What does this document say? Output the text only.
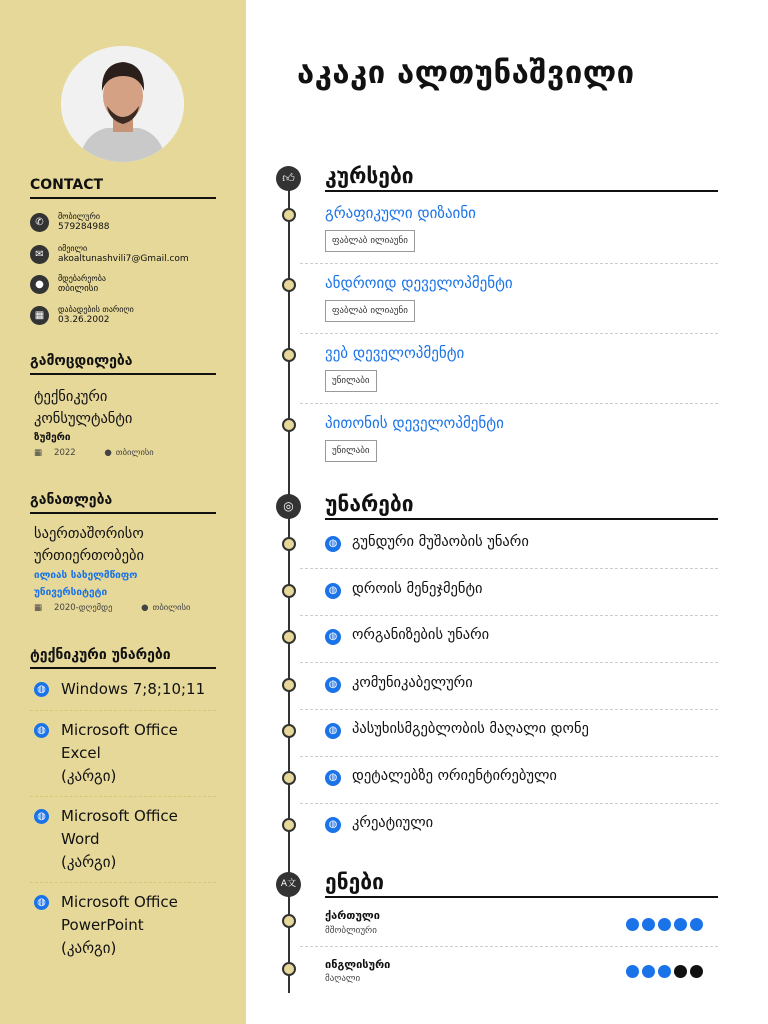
CONTACT
✆
მობილური
579284988
✉
იმეილი
akoaltunashvili7@Gmail.com
●
მდებარეობა
თბილისი
▦
დაბადების თარიღი
03.26.2002
გამოცდილება
ტექნიკური
კონსულტანტი
ზუმერი
▦ 2022	● თბილისი
განათლება
საერთაშორისო
ურთიერთობები
ილიას სახელმწიფო
უნივერსიტეტი
▦ 2020-დღემდე	● თბილისი
ტექნიკური უნარები
◍ Windows 7;8;10;11
◍ Microsoft Office
Excel
(კარგი)
◍ Microsoft Office
Word
(კარგი)
◍ Microsoft Office
PowerPoint
(კარგი)
აკაკი ალთუნაშვილი
👍︎ კურსები
გრაფიკული დიზაინი
ფაბლაბ ილიაუნი
ანდროიდ დეველოპმენტი
ფაბლაბ ილიაუნი
ვებ დეველოპმენტი
უნილაბი
პითონის დეველოპმენტი
უნილაბი
◎	უნარები
◍ გუნდური მუშაობის უნარი
◍ დროის მენეჯმენტი
◍ ორგანიზების უნარი
◍ კომუნიკაბელური
◍ პასუხისმგებლობის მაღალი დონე
◍ დეტალებზე ორიენტირებული
◍ კრეატიული
A文 ენები
ქართული
მშობლიური
ინგლისური
მაღალი
